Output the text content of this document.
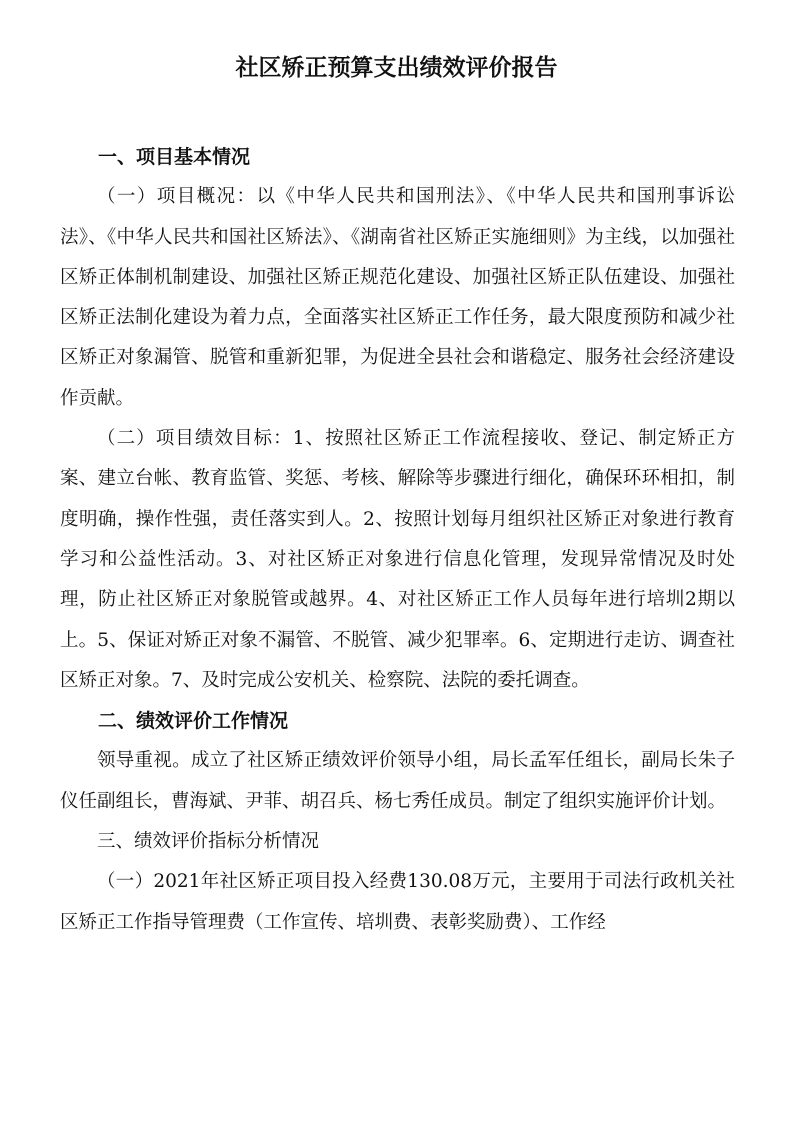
社区矫正预算支出绩效评价报告

一、项目基本情况

（一）项目概况：以《中华人民共和国刑法》、《中华人民共和国刑事诉讼法》、《中华人民共和国社区矫法》、《湖南省社区矫正实施细则》为主线，以加强社区矫正体制机制建设、加强社区矫正规范化建设、加强社区矫正队伍建设、加强社区矫正法制化建设为着力点，全面落实社区矫正工作任务，最大限度预防和减少社区矫正对象漏管、脱管和重新犯罪，为促进全县社会和谐稳定、服务社会经济建设作贡献。

（二）项目绩效目标：1、按照社区矫正工作流程接收、登记、制定矫正方案、建立台帐、教育监管、奖惩、考核、解除等步骤进行细化，确保环环相扣，制度明确，操作性强，责任落实到人。2、按照计划每月组织社区矫正对象进行教育学习和公益性活动。3、对社区矫正对象进行信息化管理，发现异常情况及时处理，防止社区矫正对象脱管或越界。4、对社区矫正工作人员每年进行培圳2期以上。5、保证对矫正对象不漏管、不脱管、减少犯罪率。6、定期进行走访、调查社区矫正对象。7、及时完成公安机关、检察院、法院的委托调查。

二、绩效评价工作情况

领导重视。成立了社区矫正绩效评价领导小组，局长孟军任组长，副局长朱子仪任副组长，曹海斌、尹菲、胡召兵、杨七秀任成员。制定了组织实施评价计划。

三、绩效评价指标分析情况

（一）2021年社区矫正项目投入经费130.08万元，主要用于司法行政机关社区矫正工作指导管理费（工作宣传、培圳费、表彰奖励费）、工作经
